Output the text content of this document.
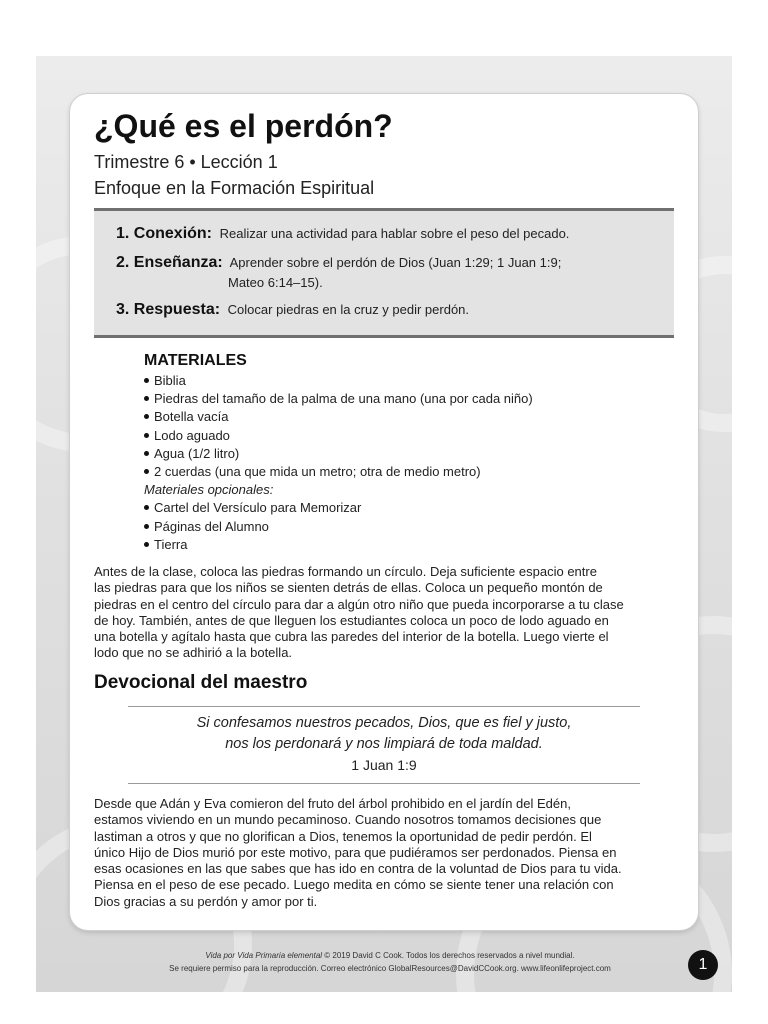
¿Qué es el perdón?
Trimestre 6 • Lección 1
Enfoque en la Formación Espiritual
1. Conexión: Realizar una actividad para hablar sobre el peso del pecado.
2. Enseñanza: Aprender sobre el perdón de Dios (Juan 1:29; 1 Juan 1:9;
Mateo 6:14–15).
3. Respuesta: Colocar piedras en la cruz y pedir perdón.
MATERIALES
Biblia
Piedras del tamaño de la palma de una mano (una por cada niño)
Botella vacía
Lodo aguado
Agua (1/2 litro)
2 cuerdas (una que mida un metro; otra de medio metro)
Materiales opcionales:
Cartel del Versículo para Memorizar
Páginas del Alumno
Tierra
Antes de la clase, coloca las piedras formando un círculo. Deja suficiente espacio entre
las piedras para que los niños se sienten detrás de ellas. Coloca un pequeño montón de
piedras en el centro del círculo para dar a algún otro niño que pueda incorporarse a tu clase
de hoy. También, antes de que lleguen los estudiantes coloca un poco de lodo aguado en
una botella y agítalo hasta que cubra las paredes del interior de la botella. Luego vierte el
lodo que no se adhirió a la botella.
Devocional del maestro
Si confesamos nuestros pecados, Dios, que es fiel y justo,
nos los perdonará y nos limpiará de toda maldad.
1 Juan 1:9
Desde que Adán y Eva comieron del fruto del árbol prohibido en el jardín del Edén,
estamos viviendo en un mundo pecaminoso. Cuando nosotros tomamos decisiones que
lastiman a otros y que no glorifican a Dios, tenemos la oportunidad de pedir perdón. El
único Hijo de Dios murió por este motivo, para que pudiéramos ser perdonados. Piensa en
esas ocasiones en las que sabes que has ido en contra de la voluntad de Dios para tu vida.
Piensa en el peso de ese pecado. Luego medita en cómo se siente tener una relación con
Dios gracias a su perdón y amor por ti.
Vida por Vida Primaria elemental © 2019 David C Cook. Todos los derechos reservados a nivel mundial.
Se requiere permiso para la reproducción. Correo electrónico GlobalResources@DavidCCook.org. www.lifeonlifeproject.com	1
